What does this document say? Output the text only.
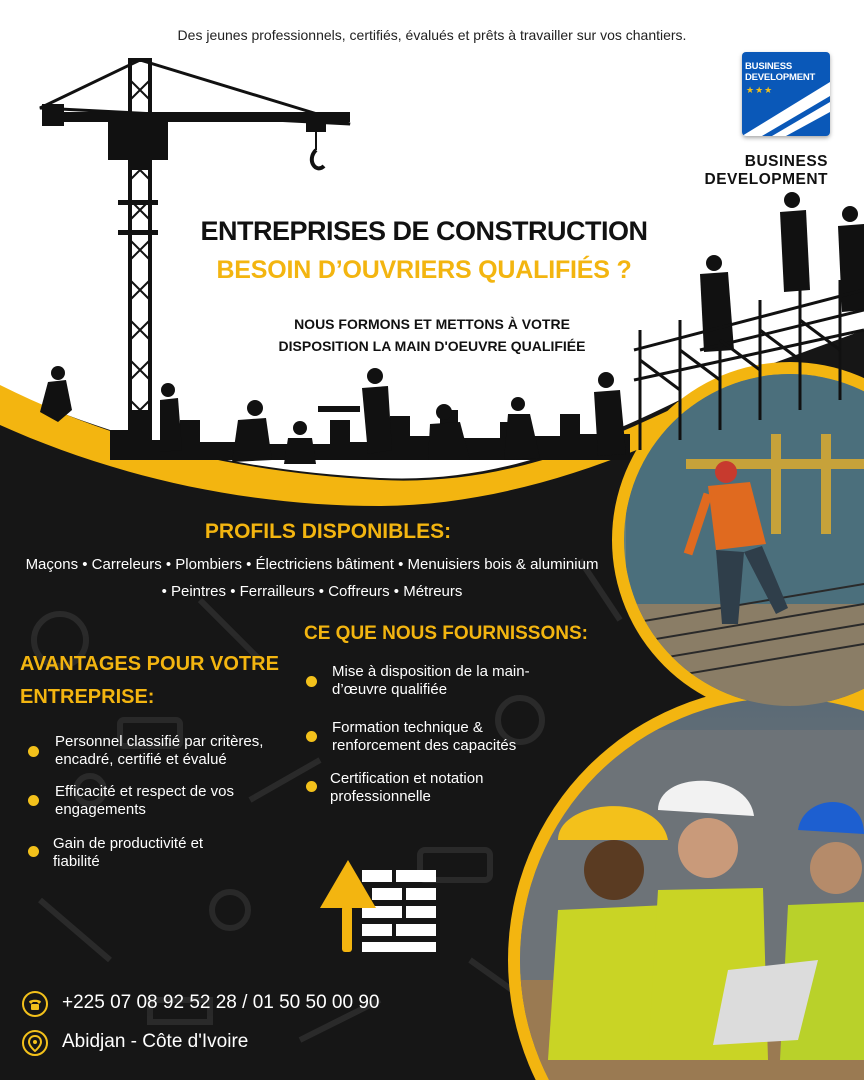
Des jeunes professionnels, certifiés, évalués et prêts à travailler sur vos chantiers.
BUSINESS
DEVELOPMENT
★★★
BUSINESS
DEVELOPMENT
ENTREPRISES DE CONSTRUCTION
BESOIN D’OUVRIERS QUALIFIÉS ?
NOUS FORMONS ET METTONS À VOTRE
DISPOSITION LA MAIN D'OEUVRE QUALIFIÉE
PROFILS DISPONIBLES:
Maçons • Carreleurs • Plombiers • Électriciens bâtiment • Menuisiers bois & aluminium
• Peintres • Ferrailleurs • Coffreurs • Métreurs
CE QUE NOUS FOURNISSONS:
Mise à disposition de la main-
d’œuvre qualifiée
Formation technique &
renforcement des capacités
Certification et notation
professionnelle
AVANTAGES POUR VOTRE
ENTREPRISE:
Personnel classifié par critères,
encadré, certifié et évalué
Efficacité et respect de vos
engagements
Gain de productivité et
fiabilité
+225 07 08 92 52 28 / 01 50 50 00 90
Abidjan - Côte d'Ivoire
